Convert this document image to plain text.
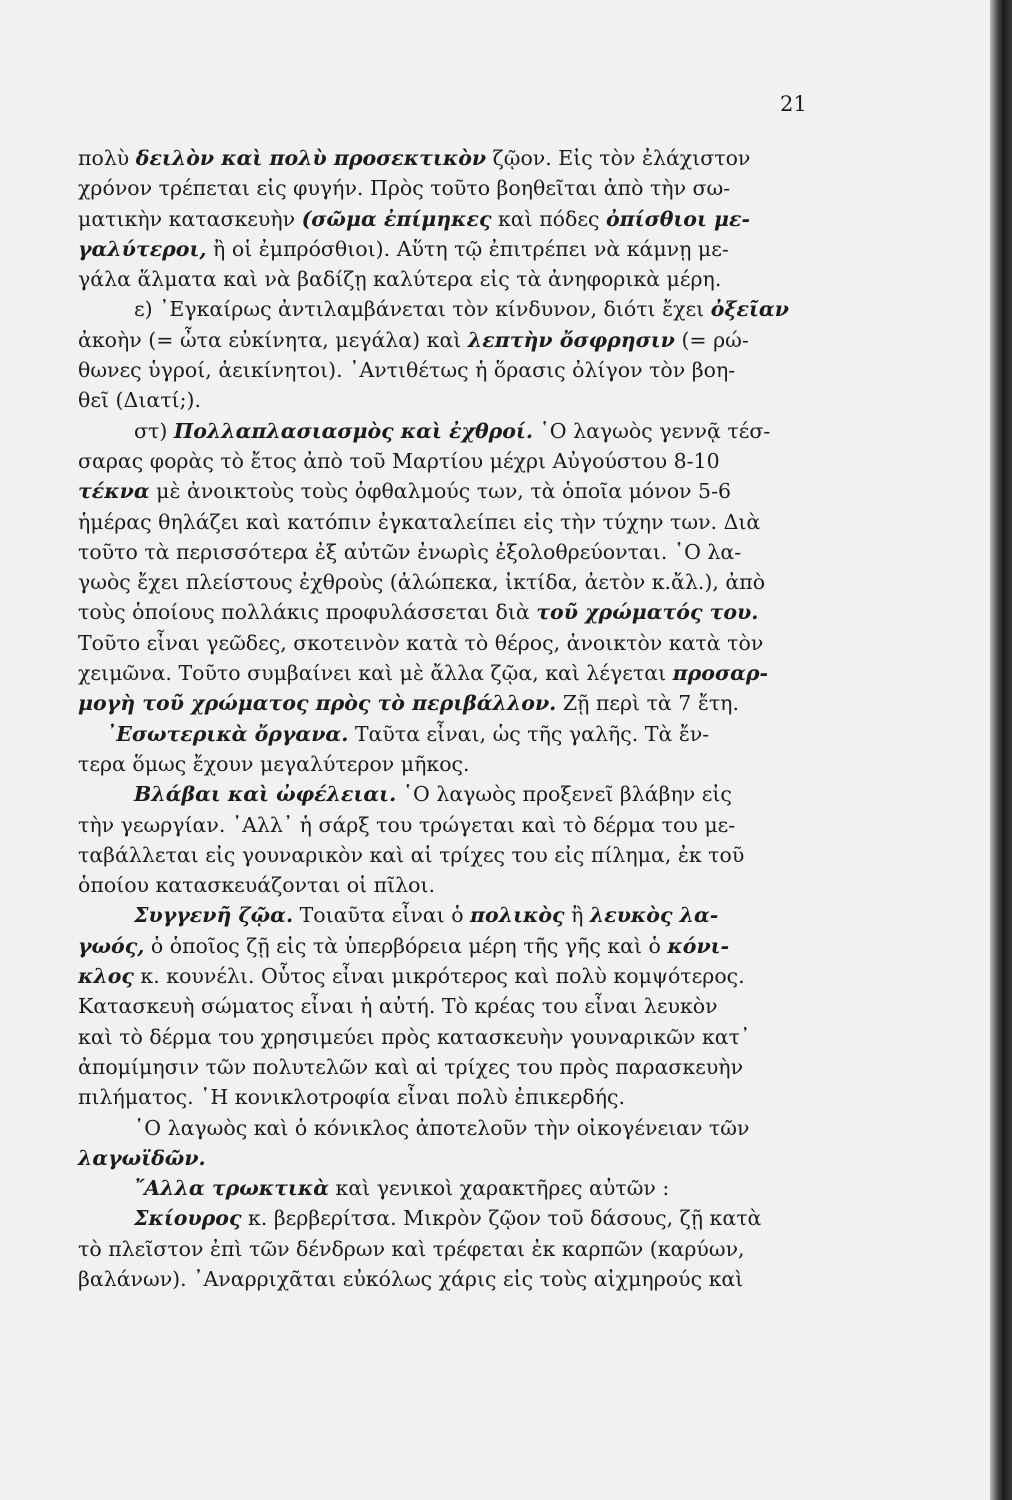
21
πολὺ δειλὸν καὶ πολὺ προσεκτικὸν ζῷον. Εἰς τὸν ἐλάχιστον
χρόνον τρέπεται εἰς φυγήν. Πρὸς τοῦτο βοηθεῖται ἀπὸ τὴν σω-
ματικὴν κατασκευὴν (σῶμα ἐπίμηκες καὶ πόδες ὀπίσθιοι με-
γαλύτεροι, ἢ οἱ ἐμπρόσθιοι). Αὕτη τῷ ἐπιτρέπει νὰ κάμνῃ με-
γάλα ἅλματα καὶ νὰ βαδίζῃ καλύτερα εἰς τὰ ἀνηφορικὰ μέρη.
ε) ᾿Εγκαίρως ἀντιλαμβάνεται τὸν κίνδυνον, διότι ἔχει ὀξεῖαν
ἀκοὴν (= ὦτα εὐκίνητα, μεγάλα) καὶ λεπτὴν ὄσφρησιν (= ρώ-
θωνες ὑγροί, ἀεικίνητοι). ᾿Αντιθέτως ἡ ὅρασις ὀλίγον τὸν βοη-
θεῖ (Διατί;).
στ) Πολλαπλασιασμὸς καὶ ἐχθροί. ῾Ο λαγωὸς γεννᾷ τέσ-
σαρας φορὰς τὸ ἔτος ἀπὸ τοῦ Μαρτίου μέχρι Αὐγούστου 8-10
τέκνα μὲ ἀνοικτοὺς τοὺς ὀφθαλμούς των, τὰ ὁποῖα μόνον 5-6
ἡμέρας θηλάζει καὶ κατόπιν ἐγκαταλείπει εἰς τὴν τύχην των. Διὰ
τοῦτο τὰ περισσότερα ἐξ αὐτῶν ἐνωρὶς ἐξολοθρεύονται. ῾Ο λα-
γωὸς ἔχει πλείστους ἐχθροὺς (ἀλώπεκα, ἰκτίδα, ἀετὸν κ.ἄλ.), ἀπὸ
τοὺς ὁποίους πολλάκις προφυλάσσεται διὰ τοῦ χρώματός του.
Τοῦτο εἶναι γεῶδες, σκοτεινὸν κατὰ τὸ θέρος, ἀνοικτὸν κατὰ τὸν
χειμῶνα. Τοῦτο συμβαίνει καὶ μὲ ἄλλα ζῷα, καὶ λέγεται προσαρ-
μογὴ τοῦ χρώματος πρὸς τὸ περιβάλλον. Ζῇ περὶ τὰ 7 ἔτη.
᾿Εσωτερικὰ ὄργανα. Ταῦτα εἶναι, ὡς τῆς γαλῆς. Τὰ ἔν-
τερα ὅμως ἔχουν μεγαλύτερον μῆκος.
Βλάβαι καὶ ὠφέλειαι. ῾Ο λαγωὸς προξενεῖ βλάβην εἰς
τὴν γεωργίαν. ᾿Αλλ᾿ ἡ σάρξ του τρώγεται καὶ τὸ δέρμα του με-
ταβάλλεται εἰς γουναρικὸν καὶ αἱ τρίχες του εἰς πίλημα, ἐκ τοῦ
ὁποίου κατασκευάζονται οἱ πῖλοι.
Συγγενῆ ζῷα. Τοιαῦτα εἶναι ὁ πολικὸς ἢ λευκὸς λα-
γωός, ὁ ὁποῖος ζῇ εἰς τὰ ὑπερβόρεια μέρη τῆς γῆς καὶ ὁ κόνι-
κλος κ. κουνέλι. Οὗτος εἶναι μικρότερος καὶ πολὺ κομψότερος.
Κατασκευὴ σώματος εἶναι ἡ αὐτή. Τὸ κρέας του εἶναι λευκὸν
καὶ τὸ δέρμα του χρησιμεύει πρὸς κατασκευὴν γουναρικῶν κατ᾿
ἀπομίμησιν τῶν πολυτελῶν καὶ αἱ τρίχες του πρὸς παρασκευὴν
πιλήματος. ῾Η κονικλοτροφία εἶναι πολὺ ἐπικερδής.
῾Ο λαγωὸς καὶ ὁ κόνικλος ἀποτελοῦν τὴν οἰκογένειαν τῶν
λαγωϊδῶν.
῎Αλλα τρωκτικὰ καὶ γενικοὶ χαρακτῆρες αὐτῶν :
Σκίουρος κ. βερβερίτσα. Μικρὸν ζῷον τοῦ δάσους, ζῇ κατὰ
τὸ πλεῖστον ἐπὶ τῶν δένδρων καὶ τρέφεται ἐκ καρπῶν (καρύων,
βαλάνων). ᾿Αναρριχᾶται εὐκόλως χάρις εἰς τοὺς αἰχμηρούς καὶ
